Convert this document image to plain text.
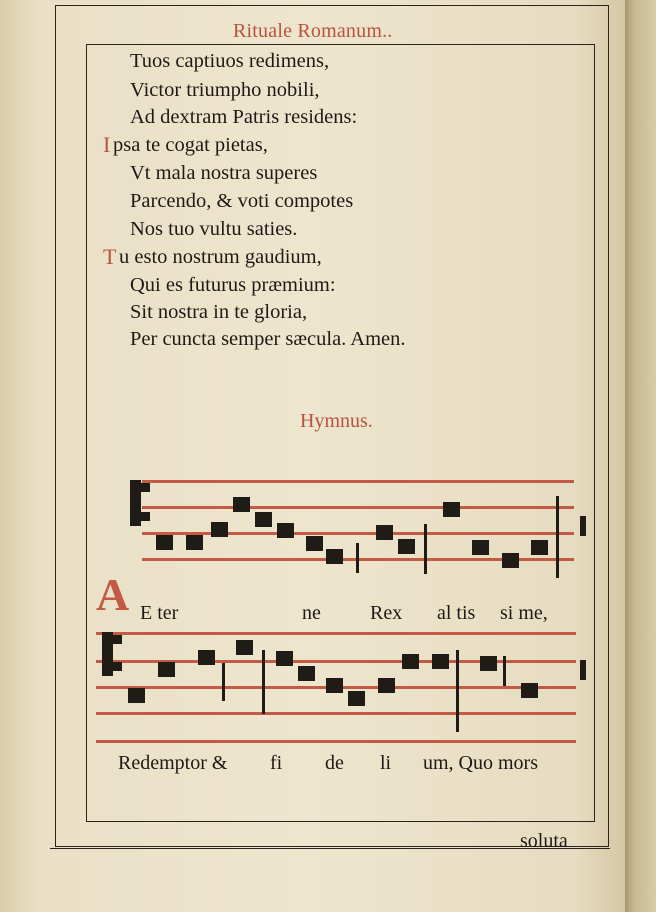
Rituale Romanum..
Tuos captiuos redimens,
Victor triumpho nobili,
Ad dextram Patris residens:
I psa te cogat pietas,
Vt mala nostra superes
Parcendo, & voti compotes
Nos tuo vultu saties.
T u esto nostrum gaudium,
Qui es futurus præmium:
Sit nostra in te gloria,
Per cuncta semper sæcula. Amen.
Hymnus.
A E ter	ne Rex al tis si me,
Redemptor & fi de li um, Quo mors
soluta
